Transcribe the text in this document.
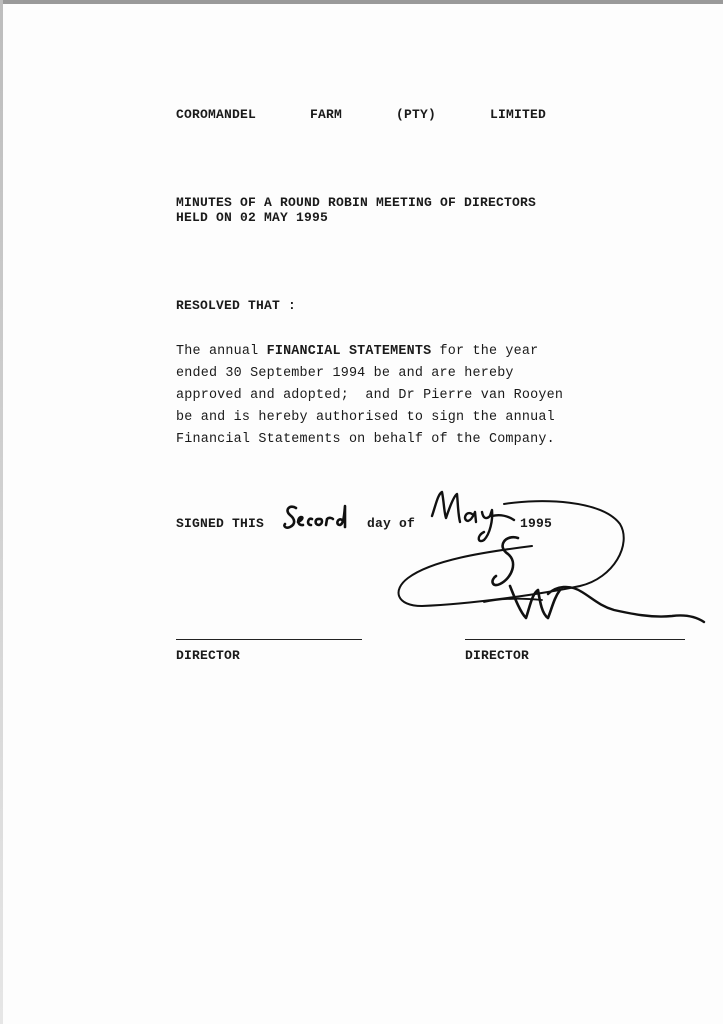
COROMANDEL   FARM   (PTY)   LIMITED
MINUTES OF A ROUND ROBIN MEETING OF DIRECTORS
HELD ON 02 MAY 1995
RESOLVED THAT :
The annual FINANCIAL STATEMENTS for the year
ended 30 September 1994 be and are hereby
approved and adopted;  and Dr Pierre van Rooyen
be and is hereby authorised to sign the annual
Financial Statements on behalf of the Company.
SIGNED THIS	day of	1995
DIRECTOR	DIRECTOR
